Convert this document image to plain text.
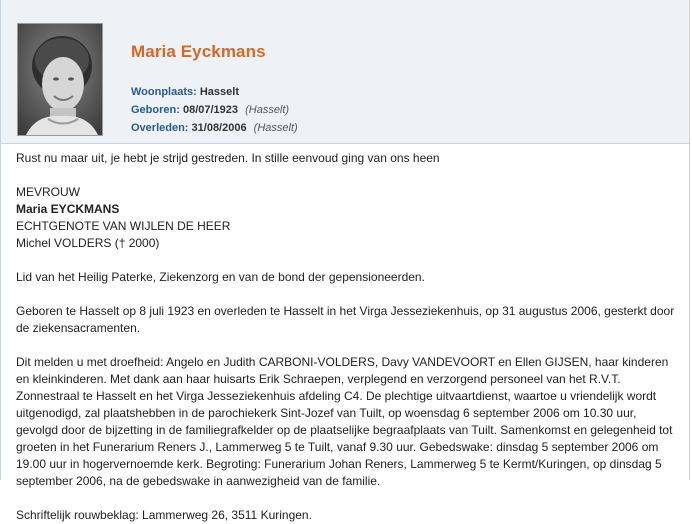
Maria Eyckmans
Woonplaats: Hasselt
Geboren: 08/07/1923 (Hasselt)
Overleden: 31/08/2006 (Hasselt)

Rust nu maar uit, je hebt je strijd gestreden. In stille eenvoud ging van ons heen

MEVROUW

Maria EYCKMANS

ECHTGENOTE VAN WIJLEN DE HEER

Michel VOLDERS († 2000)

Lid van het Heilig Paterke, Ziekenzorg en van de bond der gepensioneerden.

Geboren te Hasselt op 8 juli 1923 en overleden te Hasselt in het Virga Jesseziekenhuis, op 31 augustus 2006, gesterkt door de ziekensacramenten.

Dit melden u met droefheid: Angelo en Judith CARBONI-VOLDERS, Davy VANDEVOORT en Ellen GIJSEN, haar kinderen en kleinkinderen. Met dank aan haar huisarts Erik Schraepen, verplegend en verzorgend personeel van het R.V.T. Zonnestraal te Hasselt en het Virga Jesseziekenhuis afdeling C4. De plechtige uitvaartdienst, waartoe u vriendelijk wordt uitgenodigd, zal plaatshebben in de parochiekerk Sint-Jozef van Tuilt, op woensdag 6 september 2006 om 10.30 uur, gevolgd door de bijzetting in de familiegrafkelder op de plaatselijke begraafplaats van Tuilt. Samenkomst en gelegenheid tot groeten in het Funerarium Reners J., Lammerweg 5 te Tuilt, vanaf 9.30 uur. Gebedswake: dinsdag 5 september 2006 om 19.00 uur in hogervernoemde kerk. Begroting: Funerarium Johan Reners, Lammerweg 5 te Kermt/Kuringen, op dinsdag 5 september 2006, na de gebedswake in aanwezigheid van de familie.

Schriftelijk rouwbeklag: Lammerweg 26, 3511 Kuringen.
